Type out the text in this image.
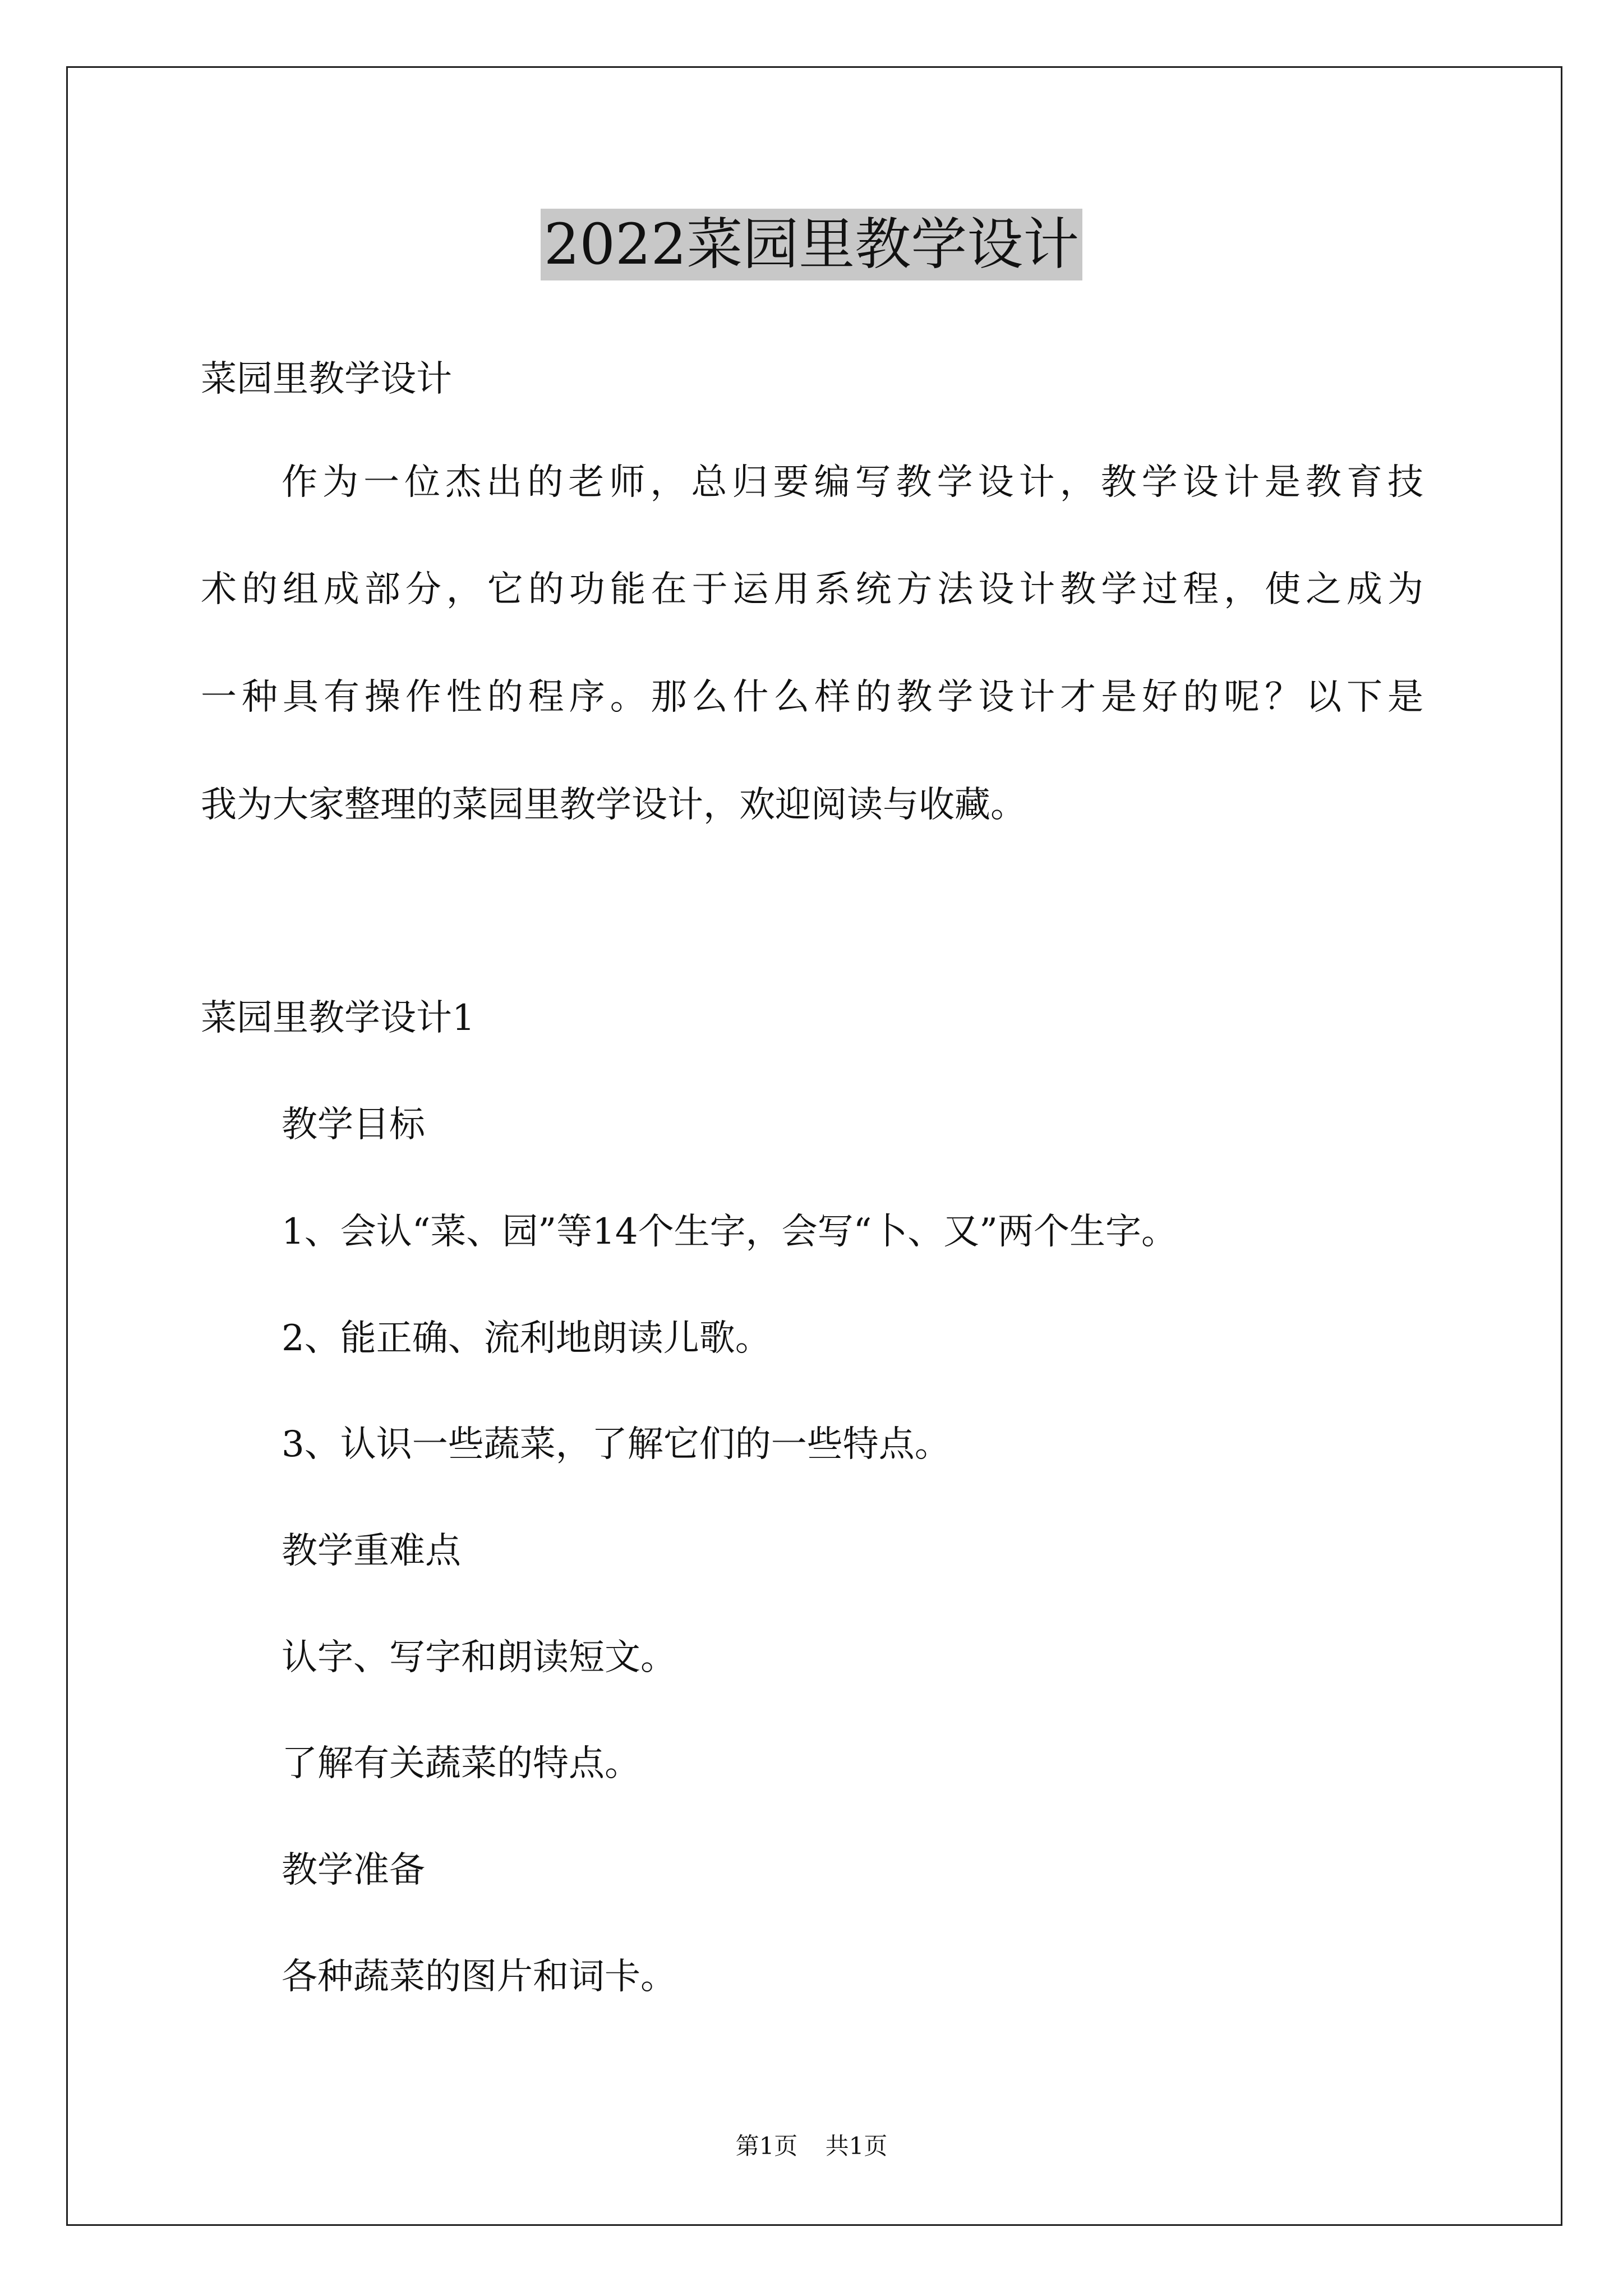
2022菜园里教学设计
菜园里教学设计
作为一位杰出的老师，总归要编写教学设计，教学设计是教育技
术的组成部分，它的功能在于运用系统方法设计教学过程，使之成为
一种具有操作性的程序。那么什么样的教学设计才是好的呢？以下是
我为大家整理的菜园里教学设计，欢迎阅读与收藏。
菜园里教学设计1
教学目标
1、会认“菜、园”等14个生字，会写“卜、又”两个生字。
2、能正确、流利地朗读儿歌。
3、认识一些蔬菜，了解它们的一些特点。
教学重难点
认字、写字和朗读短文。
了解有关蔬菜的特点。
教学准备
各种蔬菜的图片和词卡。
第1页 共1页
